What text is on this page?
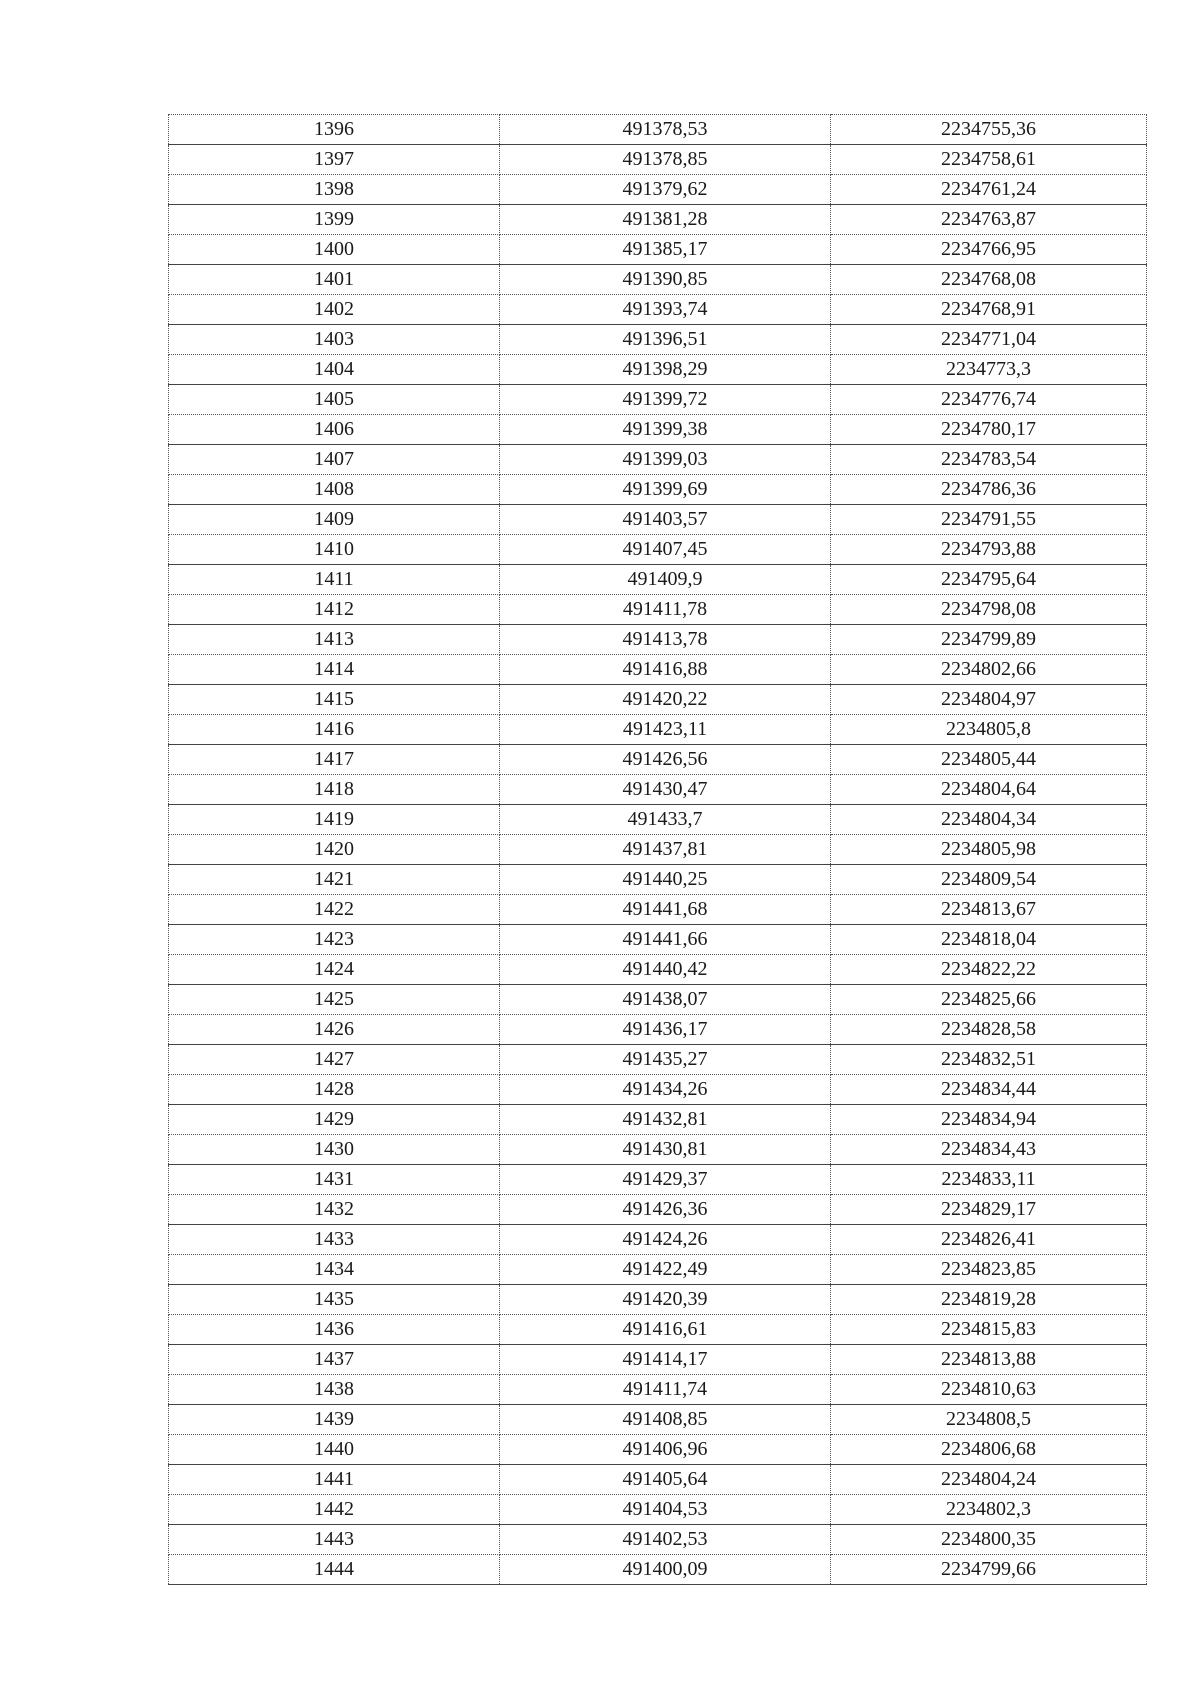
1396	491378,53	2234755,36
1397	491378,85	2234758,61
1398	491379,62	2234761,24
1399	491381,28	2234763,87
1400	491385,17	2234766,95
1401	491390,85	2234768,08
1402	491393,74	2234768,91
1403	491396,51	2234771,04
1404	491398,29	2234773,3
1405	491399,72	2234776,74
1406	491399,38	2234780,17
1407	491399,03	2234783,54
1408	491399,69	2234786,36
1409	491403,57	2234791,55
1410	491407,45	2234793,88
1411	491409,9	2234795,64
1412	491411,78	2234798,08
1413	491413,78	2234799,89
1414	491416,88	2234802,66
1415	491420,22	2234804,97
1416	491423,11	2234805,8
1417	491426,56	2234805,44
1418	491430,47	2234804,64
1419	491433,7	2234804,34
1420	491437,81	2234805,98
1421	491440,25	2234809,54
1422	491441,68	2234813,67
1423	491441,66	2234818,04
1424	491440,42	2234822,22
1425	491438,07	2234825,66
1426	491436,17	2234828,58
1427	491435,27	2234832,51
1428	491434,26	2234834,44
1429	491432,81	2234834,94
1430	491430,81	2234834,43
1431	491429,37	2234833,11
1432	491426,36	2234829,17
1433	491424,26	2234826,41
1434	491422,49	2234823,85
1435	491420,39	2234819,28
1436	491416,61	2234815,83
1437	491414,17	2234813,88
1438	491411,74	2234810,63
1439	491408,85	2234808,5
1440	491406,96	2234806,68
1441	491405,64	2234804,24
1442	491404,53	2234802,3
1443	491402,53	2234800,35
1444	491400,09	2234799,66
